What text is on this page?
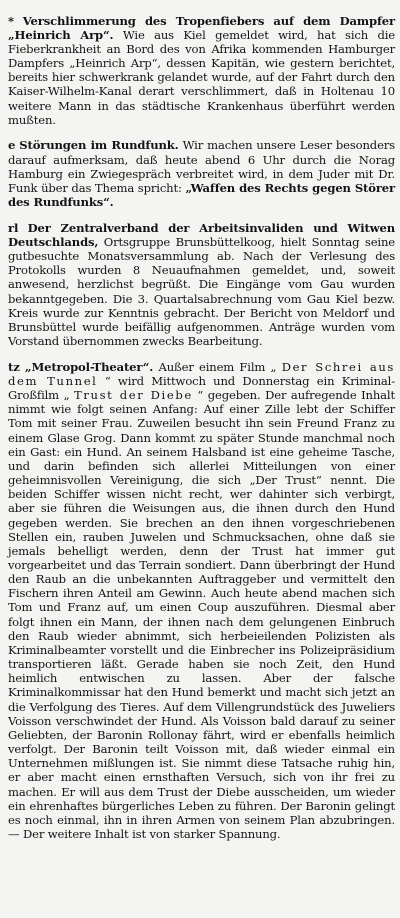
* Verschlimmerung des Tropenfiebers auf dem Dampfer „Heinrich Arp“. Wie aus Kiel gemeldet wird, hat sich die Fieberkrankheit an Bord des von Afrika kommenden Hamburger Dampfers „Heinrich Arp“, dessen Kapitän, wie gestern berichtet, bereits hier schwerkrank gelandet wurde, auf der Fahrt durch den Kaiser-Wilhelm-Kanal derart verschlimmert, daß in Holtenau 10 weitere Mann in das städtische Krankenhaus überführt werden mußten.

e Störungen im Rundfunk. Wir machen unsere Leser besonders darauf aufmerksam, daß heute abend 6 Uhr durch die Norag Hamburg ein Zwiegespräch verbreitet wird, in dem Juder mit Dr. Funk über das Thema spricht: „Waffen des Rechts gegen Störer des Rundfunks“.

rl Der Zentralverband der Arbeitsinvaliden und Witwen Deutschlands, Ortsgruppe Brunsbüttelkoog, hielt Sonntag seine gutbesuchte Monatsversammlung ab. Nach der Verlesung des Protokolls wurden 8 Neuaufnahmen gemeldet, und, soweit anwesend, herzlichst begrüßt. Die Eingänge vom Gau wurden bekanntgegeben. Die 3. Quartalsabrechnung vom Gau Kiel bezw. Kreis wurde zur Kenntnis gebracht. Der Bericht von Meldorf und Brunsbüttel wurde beifällig aufgenommen. Anträge wurden vom Vorstand übernommen zwecks Bearbeitung.

tz „Metropol-Theater“. Außer einem Film „ Der Schrei aus dem Tunnel “ wird Mittwoch und Donnerstag ein Kriminal-Großfilm „ Trust der Diebe “ gegeben. Der aufregende Inhalt nimmt wie folgt seinen Anfang: Auf einer Zille lebt der Schiffer Tom mit seiner Frau. Zuweilen besucht ihn sein Freund Franz zu einem Glase Grog. Dann kommt zu später Stunde manchmal noch ein Gast: ein Hund. An seinem Halsband ist eine geheime Tasche, und darin befinden sich allerlei Mitteilungen von einer geheimnisvollen Vereinigung, die sich „Der Trust“ nennt. Die beiden Schiffer wissen nicht recht, wer dahinter sich verbirgt, aber sie führen die Weisungen aus, die ihnen durch den Hund gegeben werden. Sie brechen an den ihnen vorgeschriebenen Stellen ein, rauben Juwelen und Schmucksachen, ohne daß sie jemals behelligt werden, denn der Trust hat immer gut vorgearbeitet und das Terrain sondiert. Dann überbringt der Hund den Raub an die unbekannten Auftraggeber und vermittelt den Fischern ihren Anteil am Gewinn. Auch heute abend machen sich Tom und Franz auf, um einen Coup auszuführen. Diesmal aber folgt ihnen ein Mann, der ihnen nach dem gelungenen Einbruch den Raub wieder abnimmt, sich herbeieilenden Polizisten als Kriminalbeamter vorstellt und die Einbrecher ins Polizeipräsidium transportieren läßt. Gerade haben sie noch Zeit, den Hund heimlich entwischen zu lassen. Aber der falsche Kriminalkommissar hat den Hund bemerkt und macht sich jetzt an die Verfolgung des Tieres. Auf dem Villengrundstück des Juweliers Voisson verschwindet der Hund. Als Voisson bald darauf zu seiner Geliebten, der Baronin Rollonay fährt, wird er ebenfalls heimlich verfolgt. Der Baronin teilt Voisson mit, daß wieder einmal ein Unternehmen mißlungen ist. Sie nimmt diese Tatsache ruhig hin, er aber macht einen ernsthaften Versuch, sich von ihr frei zu machen. Er will aus dem Trust der Diebe ausscheiden, um wieder ein ehrenhaftes bürgerliches Leben zu führen. Der Baronin gelingt es noch einmal, ihn in ihren Armen von seinem Plan abzubringen. — Der weitere Inhalt ist von starker Spannung.
